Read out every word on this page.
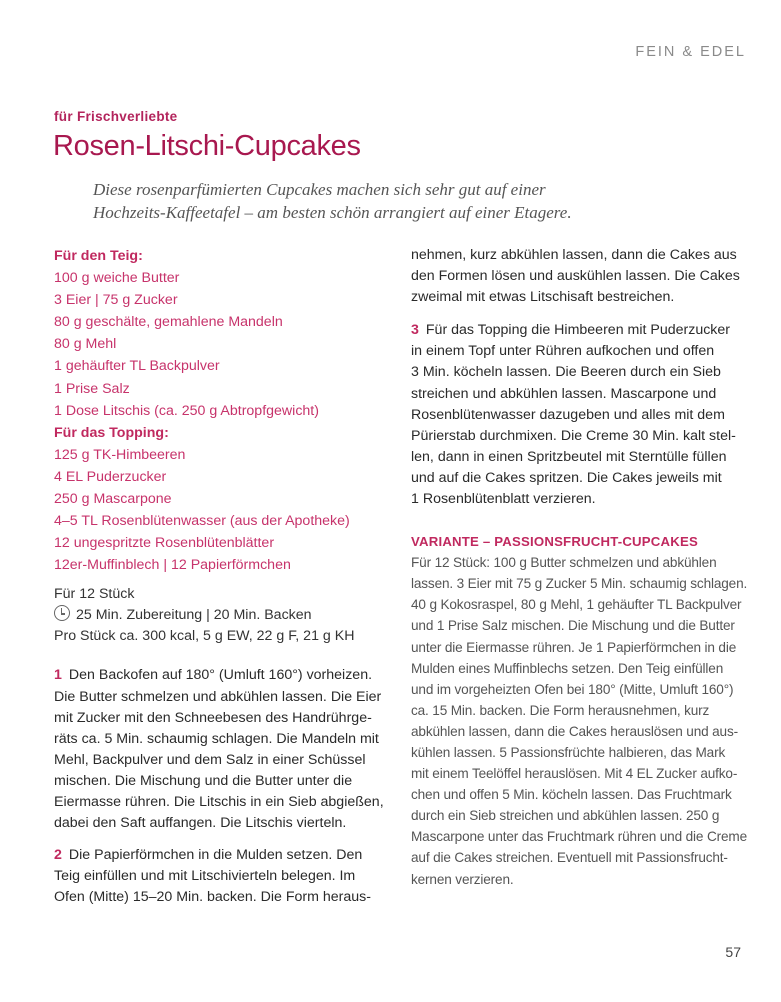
FEIN & EDEL
für Frischverliebte
Rosen-Litschi-Cupcakes
Diese rosenparfümierten Cupcakes machen sich sehr gut auf einer
Hochzeits-Kaffeetafel – am besten schön arrangiert auf einer Etagere.
Für den Teig:
100 g weiche Butter
3 Eier | 75 g Zucker
80 g geschälte, gemahlene Mandeln
80 g Mehl
1 gehäufter TL Backpulver
1 Prise Salz
1 Dose Litschis (ca. 250 g Abtropfgewicht)
Für das Topping:
125 g TK-Himbeeren
4 EL Puderzucker
250 g Mascarpone
4–5 TL Rosenblütenwasser (aus der Apotheke)
12 ungespritzte Rosenblütenblätter
12er-Muffinblech | 12 Papierförmchen
Für 12 Stück
25 Min. Zubereitung | 20 Min. Backen
Pro Stück ca. 300 kcal, 5 g EW, 22 g F, 21 g KH
1 Den Backofen auf 180° (Umluft 160°) vorheizen.
Die Butter schmelzen und abkühlen lassen. Die Eier
mit Zucker mit den Schneebesen des Handrührge-
räts ca. 5 Min. schaumig schlagen. Die Mandeln mit
Mehl, Backpulver und dem Salz in einer Schüssel
mischen. Die Mischung und die Butter unter die
Eiermasse rühren. Die Litschis in ein Sieb abgießen,
dabei den Saft auffangen. Die Litschis vierteln.
2 Die Papierförmchen in die Mulden setzen. Den
Teig einfüllen und mit Litschivierteln belegen. Im
Ofen (Mitte) 15–20 Min. backen. Die Form heraus-
nehmen, kurz abkühlen lassen, dann die Cakes aus
den Formen lösen und auskühlen lassen. Die Cakes
zweimal mit etwas Litschisaft bestreichen.
3 Für das Topping die Himbeeren mit Puderzucker
in einem Topf unter Rühren aufkochen und offen
3 Min. köcheln lassen. Die Beeren durch ein Sieb
streichen und abkühlen lassen. Mascarpone und
Rosenblütenwasser dazugeben und alles mit dem
Pürierstab durchmixen. Die Creme 30 Min. kalt stel-
len, dann in einen Spritzbeutel mit Sterntülle füllen
und auf die Cakes spritzen. Die Cakes jeweils mit
1 Rosenblütenblatt verzieren.
VARIANTE – PASSIONSFRUCHT-CUPCAKES
Für 12 Stück: 100 g Butter schmelzen und abkühlen
lassen. 3 Eier mit 75 g Zucker 5 Min. schaumig schlagen.
40 g Kokosraspel, 80 g Mehl, 1 gehäufter TL Backpulver
und 1 Prise Salz mischen. Die Mischung und die Butter
unter die Eiermasse rühren. Je 1 Papierförmchen in die
Mulden eines Muffinblechs setzen. Den Teig einfüllen
und im vorgeheizten Ofen bei 180° (Mitte, Umluft 160°)
ca. 15 Min. backen. Die Form herausnehmen, kurz
abkühlen lassen, dann die Cakes herauslösen und aus-
kühlen lassen. 5 Passionsfrüchte halbieren, das Mark
mit einem Teelöffel herauslösen. Mit 4 EL Zucker aufko-
chen und offen 5 Min. köcheln lassen. Das Fruchtmark
durch ein Sieb streichen und abkühlen lassen. 250 g
Mascarpone unter das Fruchtmark rühren und die Creme
auf die Cakes streichen. Eventuell mit Passionsfrucht-
kernen verzieren.
57
